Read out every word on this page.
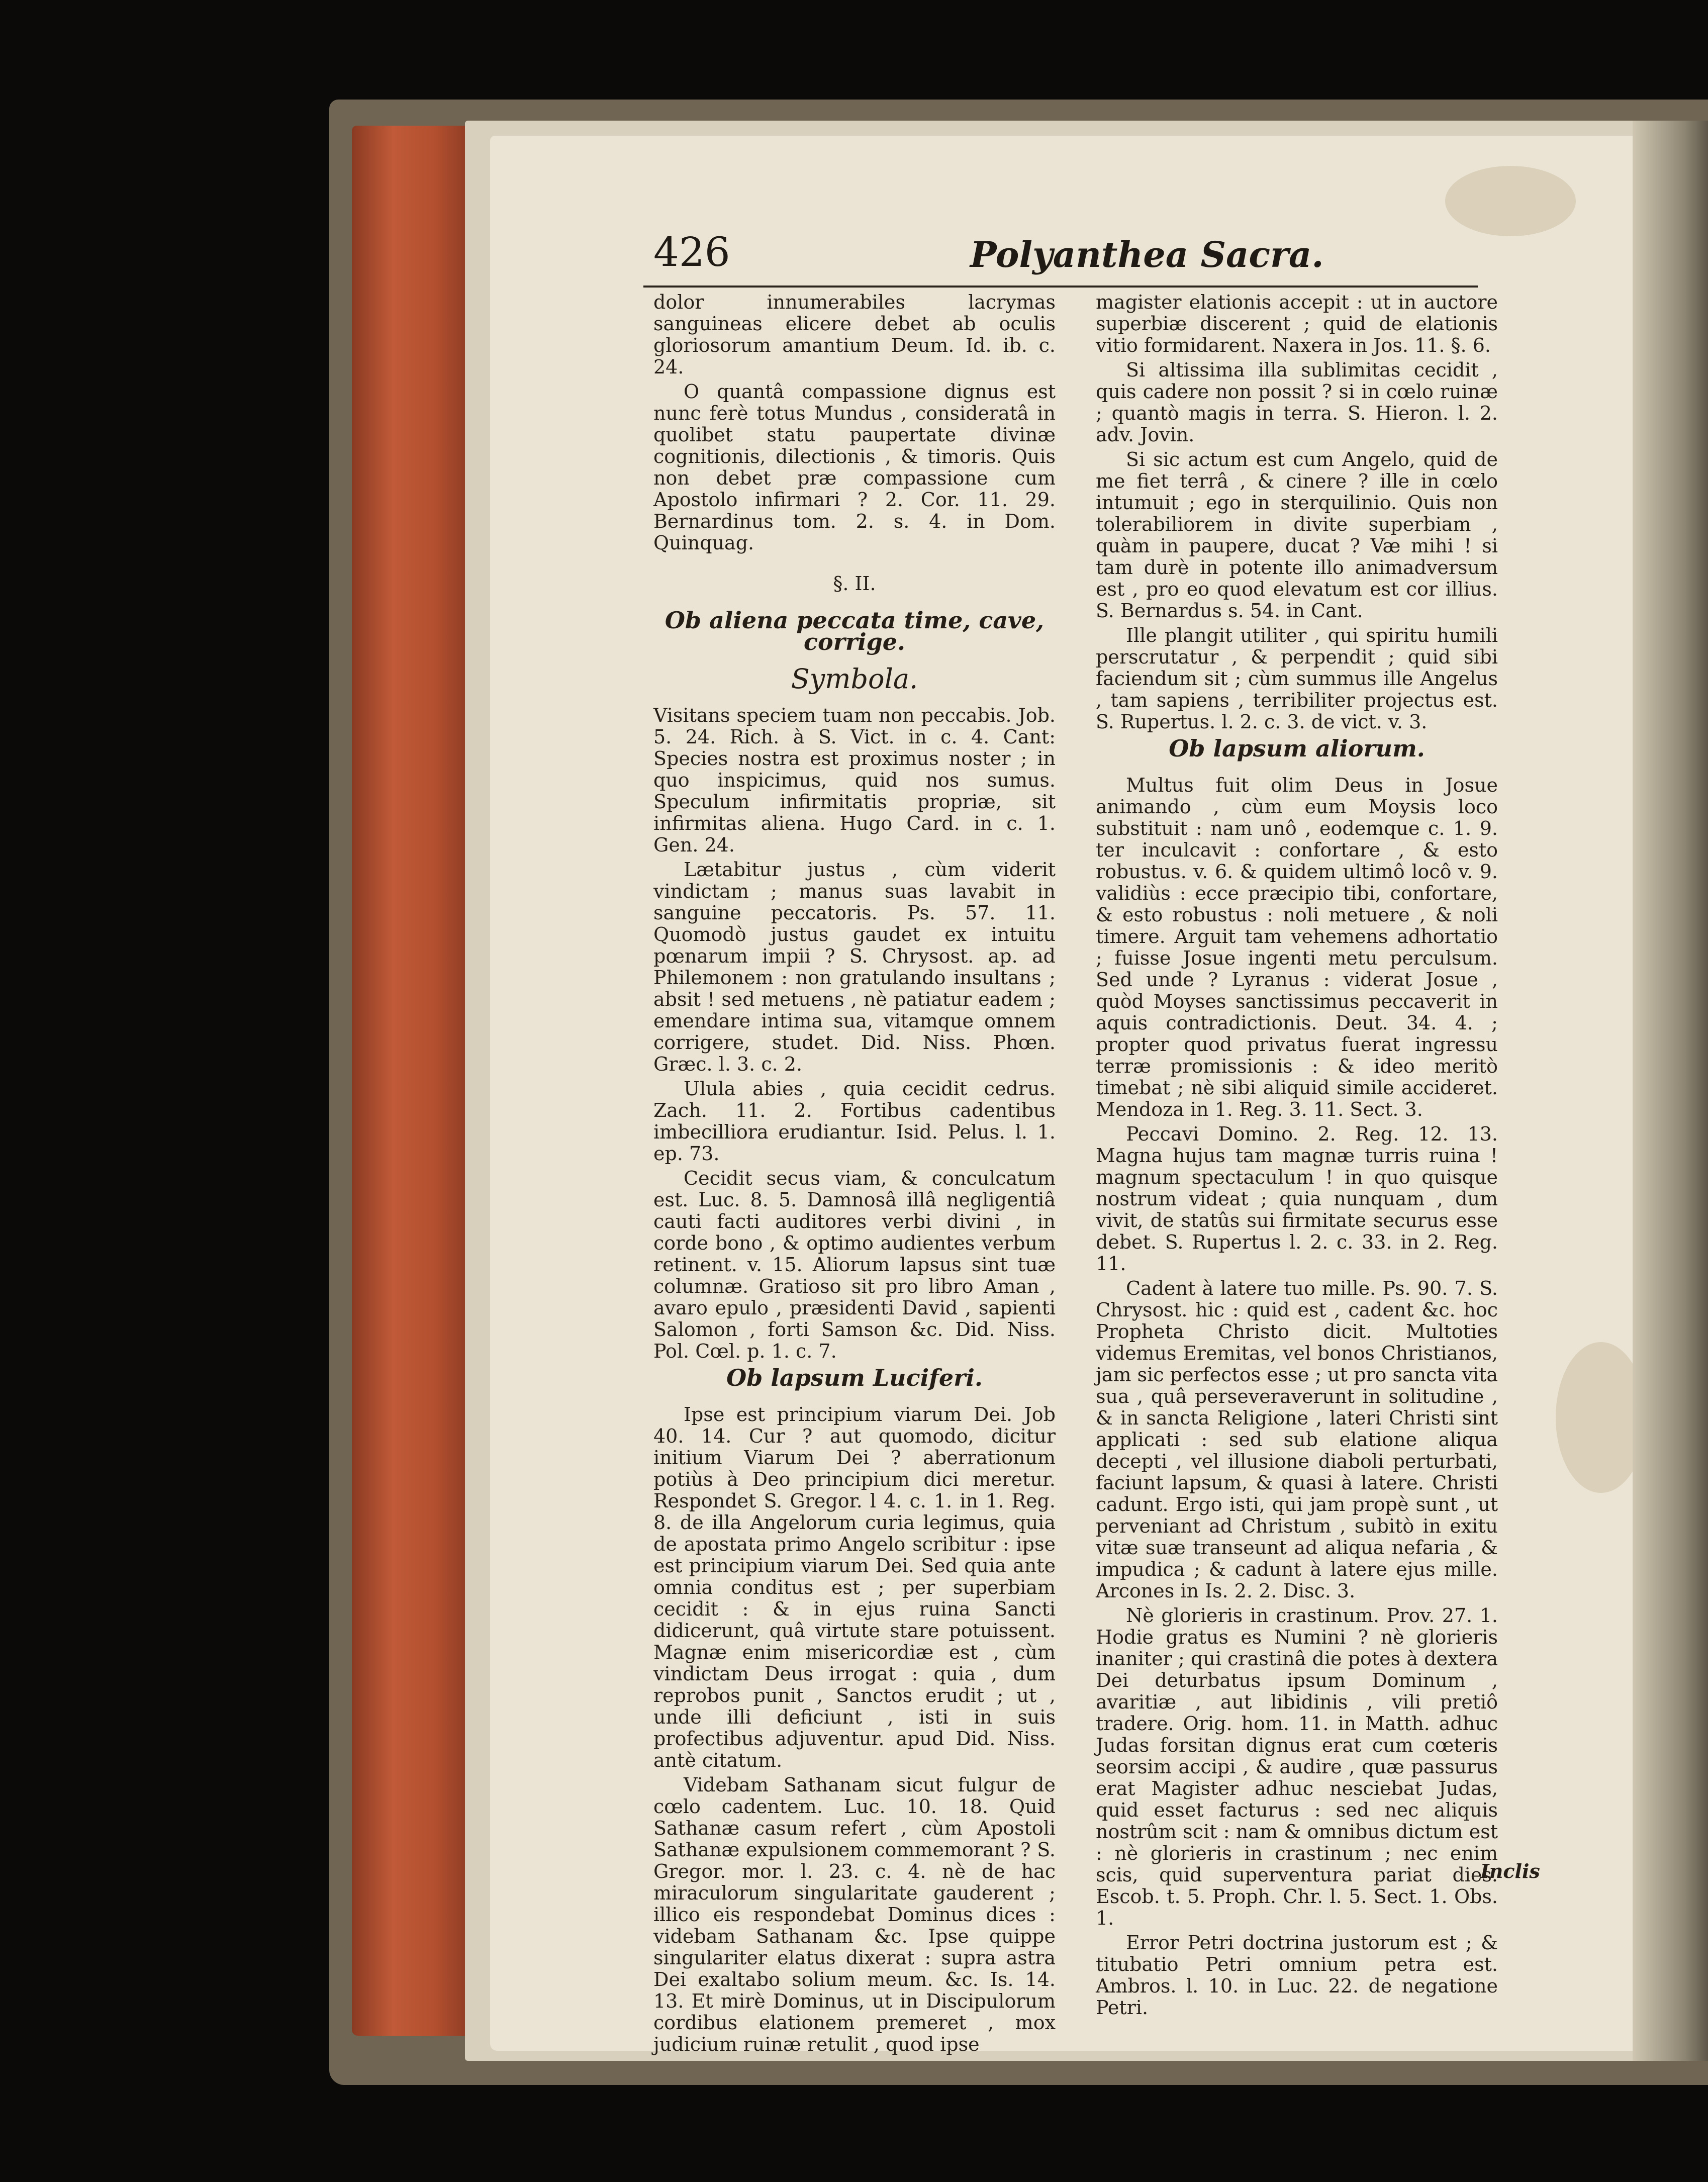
426	Polyanthea Sacra.

dolor innumerabiles lacrymas sanguineas elicere debet ab oculis gloriosorum amantium Deum. Id. ib. c. 24.

O quantâ compassione dignus est nunc ferè totus Mundus , consideratâ in quolibet statu paupertate divinæ cognitionis, dilectionis , & timoris. Quis non debet præ compassione cum Apostolo infirmari ? 2. Cor. 11. 29. Bernardinus tom. 2. s. 4. in Dom. Quinquag.

§. II.
Ob aliena peccata time, cave, corrige.
Symbola.

Visitans speciem tuam non peccabis. Job. 5. 24. Rich. à S. Vict. in c. 4. Cant: Species nostra est proximus noster ; in quo inspicimus, quid nos sumus. Speculum infirmitatis propriæ, sit infirmitas aliena. Hugo Card. in c. 1. Gen. 24.

Lætabitur justus , cùm viderit vindictam ; manus suas lavabit in sanguine peccatoris. Ps. 57. 11. Quomodò justus gaudet ex intuitu pœnarum impii ? S. Chrysost. ap. ad Philemonem : non gratulando insultans ; absit ! sed metuens , nè patiatur eadem ; emendare intima sua, vitamque omnem corrigere, studet. Did. Niss. Phœn. Græc. l. 3. c. 2.

Ulula abies , quia cecidit cedrus. Zach. 11. 2. Fortibus cadentibus imbecilliora erudiantur. Isid. Pelus. l. 1. ep. 73.

Cecidit secus viam, & conculcatum est. Luc. 8. 5. Damnosâ illâ negligentiâ cauti facti auditores verbi divini , in corde bono , & optimo audientes verbum retinent. v. 15. Aliorum lapsus sint tuæ columnæ. Gratioso sit pro libro Aman , avaro epulo , præsidenti David , sapienti Salomon , forti Samson &c. Did. Niss. Pol. Cœl. p. 1. c. 7.

Ob lapsum Luciferi.

Ipse est principium viarum Dei. Job 40. 14. Cur ? aut quomodo, dicitur initium Viarum Dei ? aberrationum potiùs à Deo principium dici meretur. Respondet S. Gregor. l 4. c. 1. in 1. Reg. 8. de illa Angelorum curia legimus, quia de apostata primo Angelo scribitur : ipse est principium viarum Dei. Sed quia ante omnia conditus est ; per superbiam cecidit : & in ejus ruina Sancti didicerunt, quâ virtute stare potuissent. Magnæ enim misericordiæ est , cùm vindictam Deus irrogat : quia , dum reprobos punit , Sanctos erudit ; ut , unde illi deficiunt , isti in suis profectibus adjuventur. apud Did. Niss. antè citatum.

Videbam Sathanam sicut fulgur de cœlo cadentem. Luc. 10. 18. Quid Sathanæ casum refert , cùm Apostoli Sathanæ expulsionem commemorant ? S. Gregor. mor. l. 23. c. 4. nè de hac miraculorum singularitate gauderent ; illico eis respondebat Dominus dices : videbam Sathanam &c. Ipse quippe singulariter elatus dixerat : supra astra Dei exaltabo solium meum. &c. Is. 14. 13. Et mirè Dominus, ut in Discipulorum cordibus elationem premeret , mox judicium ruinæ retulit , quod ipse

magister elationis accepit : ut in auctore superbiæ discerent ; quid de elationis vitio formidarent. Naxera in Jos. 11. §. 6.

Si altissima illa sublimitas cecidit , quis cadere non possit ? si in cœlo ruinæ ; quantò magis in terra. S. Hieron. l. 2. adv. Jovin.

Si sic actum est cum Angelo, quid de me fiet terrâ , & cinere ? ille in cœlo intumuit ; ego in sterquilinio. Quis non tolerabiliorem in divite superbiam , quàm in paupere, ducat ? Væ mihi ! si tam durè in potente illo animadversum est , pro eo quod elevatum est cor illius. S. Bernardus s. 54. in Cant.

Ille plangit utiliter , qui spiritu humili perscrutatur , & perpendit ; quid sibi faciendum sit ; cùm summus ille Angelus , tam sapiens , terribiliter projectus est. S. Rupertus. l. 2. c. 3. de vict. v. 3.

Ob lapsum aliorum.

Multus fuit olim Deus in Josue animando , cùm eum Moysis loco substituit : nam unô , eodemque c. 1. 9. ter inculcavit : confortare , & esto robustus. v. 6. & quidem ultimô locô v. 9. validiùs : ecce præcipio tibi, confortare, & esto robustus : noli metuere , & noli timere. Arguit tam vehemens adhortatio ; fuisse Josue ingenti metu perculsum. Sed unde ? Lyranus : viderat Josue , quòd Moyses sanctissimus peccaverit in aquis contradictionis. Deut. 34. 4. ; propter quod privatus fuerat ingressu terræ promissionis : & ideo meritò timebat ; nè sibi aliquid simile accideret. Mendoza in 1. Reg. 3. 11. Sect. 3.

Peccavi Domino. 2. Reg. 12. 13. Magna hujus tam magnæ turris ruina ! magnum spectaculum ! in quo quisque nostrum videat ; quia nunquam , dum vivit, de statûs sui firmitate securus esse debet. S. Rupertus l. 2. c. 33. in 2. Reg. 11.

Cadent à latere tuo mille. Ps. 90. 7. S. Chrysost. hic : quid est , cadent &c. hoc Propheta Christo dicit. Multoties videmus Eremitas, vel bonos Christianos, jam sic perfectos esse ; ut pro sancta vita sua , quâ perseveraverunt in solitudine , & in sancta Religione , lateri Christi sint applicati : sed sub elatione aliqua decepti , vel illusione diaboli perturbati, faciunt lapsum, & quasi à latere. Christi cadunt. Ergo isti, qui jam propè sunt , ut perveniant ad Christum , subitò in exitu vitæ suæ transeunt ad aliqua nefaria , & impudica ; & cadunt à latere ejus mille. Arcones in Is. 2. 2. Disc. 3.

Nè glorieris in crastinum. Prov. 27. 1. Hodie gratus es Numini ? nè glorieris inaniter ; qui crastinâ die potes à dextera Dei deturbatus ipsum Dominum , avaritiæ , aut libidinis , vili pretiô tradere. Orig. hom. 11. in Matth. adhuc Judas forsitan dignus erat cum cœteris seorsim accipi , & audire , quæ passurus erat Magister adhuc nesciebat Judas, quid esset facturus : sed nec aliquis nostrûm scit : nam & omnibus dictum est : nè glorieris in crastinum ; nec enim scis, quid superventura pariat dies. Escob. t. 5. Proph. Chr. l. 5. Sect. 1. Obs. 1.

Error Petri doctrina justorum est ; & titubatio Petri omnium petra est. Ambros. l. 10. in Luc. 22. de negatione Petri.

Inclis
